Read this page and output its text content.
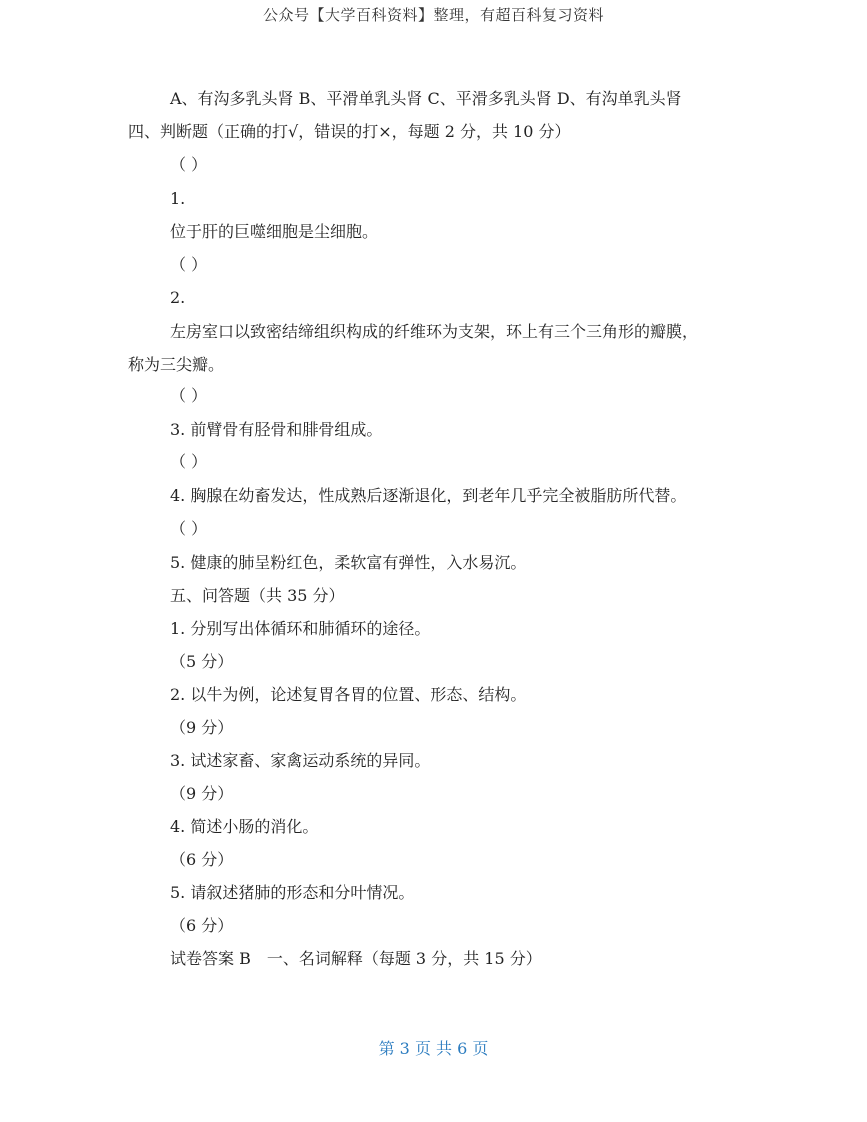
公众号【大学百科资料】整理，有超百科复习资料
A、有沟多乳头肾 B、平滑单乳头肾 C、平滑多乳头肾 D、有沟单乳头肾
四、判断题（正确的打√，错误的打×，每题 2 分，共 10 分）
（ ）
1.
位于肝的巨噬细胞是尘细胞。
（ ）
2.
左房室口以致密结缔组织构成的纤维环为支架，环上有三个三角形的瓣膜，
称为三尖瓣。
（ ）
3. 前臂骨有胫骨和腓骨组成。
（ ）
4. 胸腺在幼畜发达，性成熟后逐渐退化，到老年几乎完全被脂肪所代替。
（ ）
5. 健康的肺呈粉红色，柔软富有弹性，入水易沉。
五、问答题（共 35 分）
1. 分别写出体循环和肺循环的途径。
（5 分）
2. 以牛为例，论述复胃各胃的位置、形态、结构。
（9 分）
3. 试述家畜、家禽运动系统的异同。
（9 分）
4. 简述小肠的消化。
（6 分）
5. 请叙述猪肺的形态和分叶情况。
（6 分）
试卷答案 B　一、名词解释（每题 3 分，共 15 分）
第 3 页 共 6 页
